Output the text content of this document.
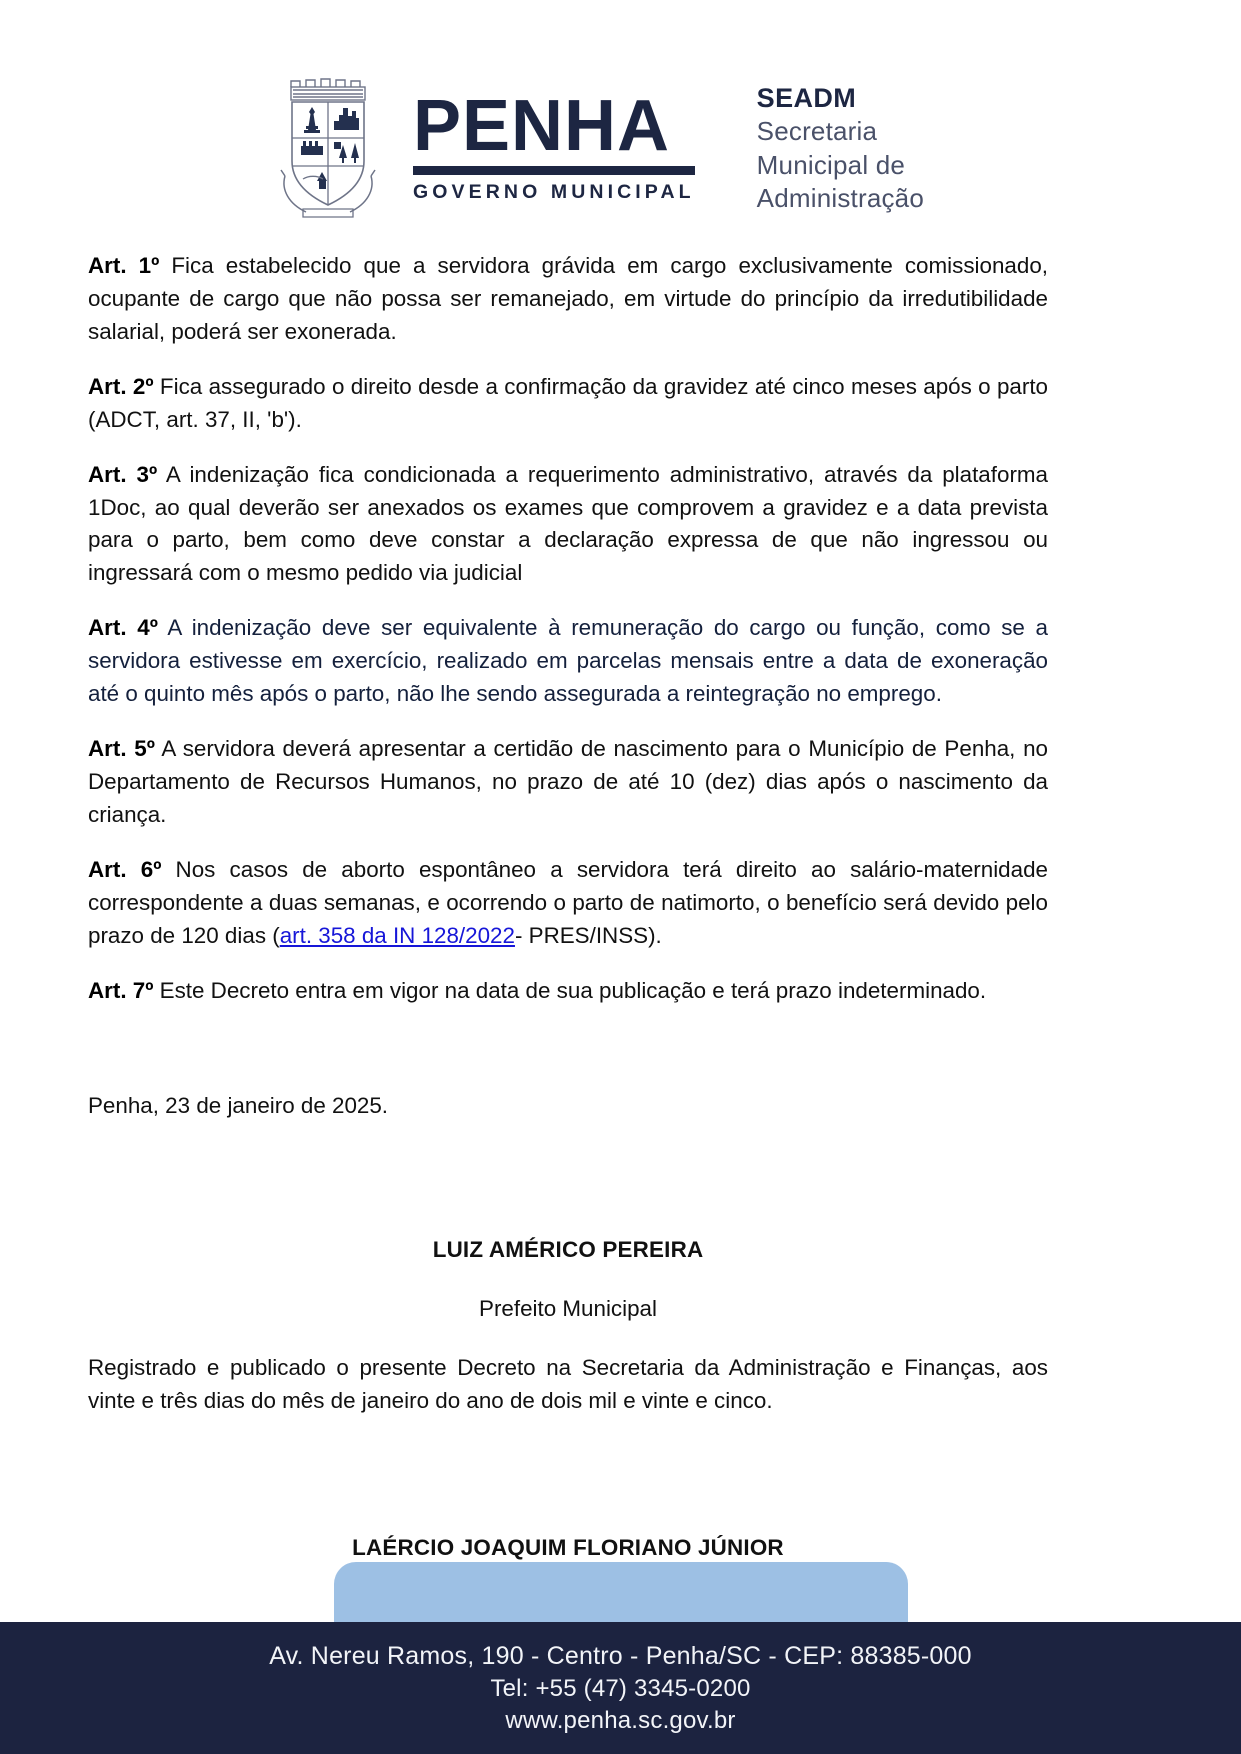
PENHA
GOVERNO MUNICIPAL
SEADM
Secretaria
Municipal de
Administração

Art. 1º Fica estabelecido que a servidora grávida em cargo exclusivamente comissionado, ocupante de cargo que não possa ser remanejado, em virtude do princípio da irredutibilidade salarial, poderá ser exonerada.

Art. 2º Fica assegurado o direito desde a confirmação da gravidez até cinco meses após o parto (ADCT, art. 37, II, 'b').

Art. 3º A indenização fica condicionada a requerimento administrativo, através da plataforma 1Doc, ao qual deverão ser anexados os exames que comprovem a gravidez e a data prevista para o parto, bem como deve constar a declaração expressa de que não ingressou ou ingressará com o mesmo pedido via judicial

Art. 4º A indenização deve ser equivalente à remuneração do cargo ou função, como se a servidora estivesse em exercício, realizado em parcelas mensais entre a data de exoneração até o quinto mês após o parto, não lhe sendo assegurada a reintegração no emprego.

Art. 5º A servidora deverá apresentar a certidão de nascimento para o Município de Penha, no Departamento de Recursos Humanos, no prazo de até 10 (dez) dias após o nascimento da criança.

Art. 6º Nos casos de aborto espontâneo a servidora terá direito ao salário-maternidade correspondente a duas semanas, e ocorrendo o parto de natimorto, o benefício será devido pelo prazo de 120 dias (art. 358 da IN 128/2022- PRES/INSS).

Art. 7º Este Decreto entra em vigor na data de sua publicação e terá prazo indeterminado.

Penha, 23 de janeiro de 2025.

LUIZ AMÉRICO PEREIRA

Prefeito Municipal

Registrado e publicado o presente Decreto na Secretaria da Administração e Finanças, aos vinte e três dias do mês de janeiro do ano de dois mil e vinte e cinco.

LAÉRCIO JOAQUIM FLORIANO JÚNIOR

Av. Nereu Ramos, 190 - Centro - Penha/SC - CEP: 88385-000
Tel: +55 (47) 3345-0200
www.penha.sc.gov.br
